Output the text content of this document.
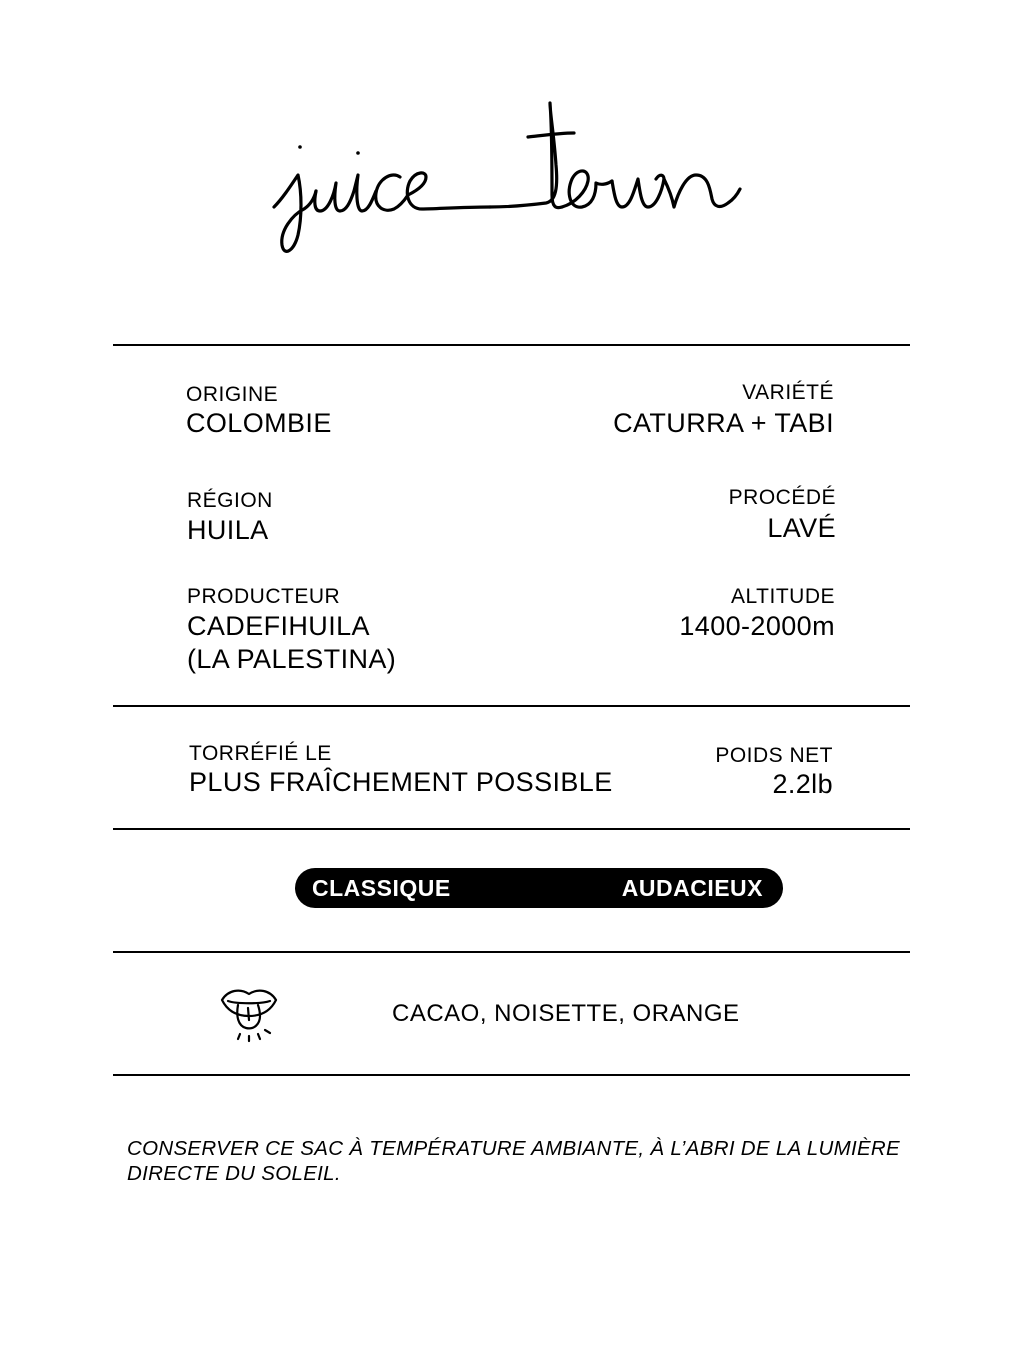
ORIGINE
COLOMBIE
VARIÉTÉ
CATURRA + TABI
RÉGION
HUILA
PROCÉDÉ
LAVÉ
PRODUCTEUR
CADEFIHUILA
(LA PALESTINA)
ALTITUDE
1400-2000m
TORRÉFIÉ LE
PLUS FRAÎCHEMENT POSSIBLE
POIDS NET
2.2lb
CLASSIQUE	AUDACIEUX
CACAO, NOISETTE, ORANGE
CONSERVER CE SAC À TEMPÉRATURE AMBIANTE, À L’ABRI DE LA LUMIÈRE DIRECTE DU SOLEIL.
